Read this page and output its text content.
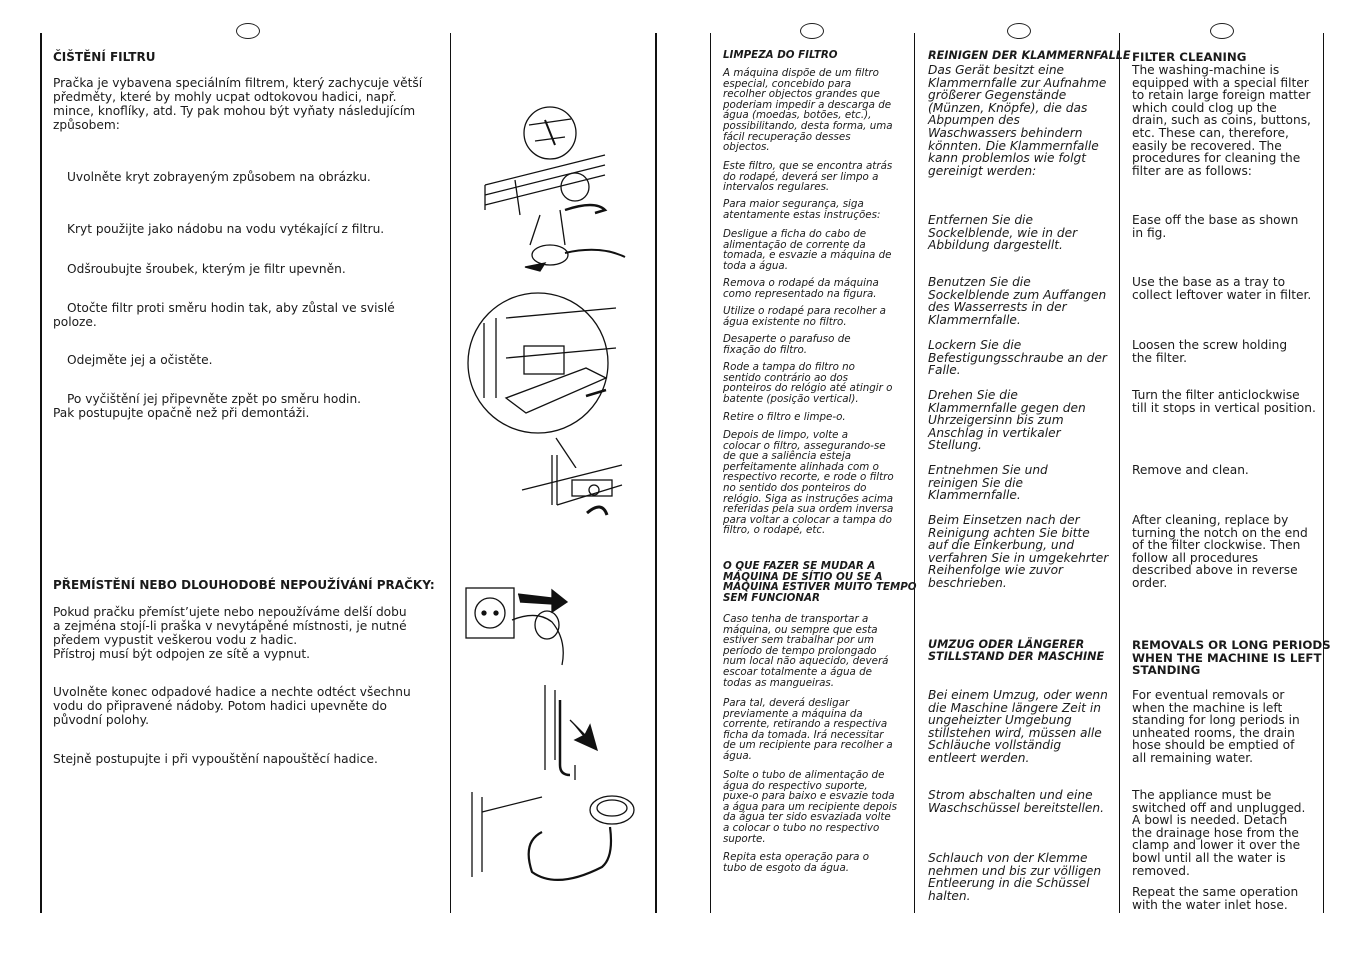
ČIŠTĚNÍ FILTRU

Pračka je vybavena speciálním filtrem, který zachycuje větší
předměty, které by mohly ucpat odtokovou hadici, např.
mince, knoflíky, atd. Ty pak mohou být vyňaty následujícím
způsobem:

Uvolněte kryt zobrayeným způsobem na obrázku.

Kryt použijte jako nádobu na vodu vytékající z filtru.

Odšroubujte šroubek, kterým je filtr upevněn.

Otočte filtr proti směru hodin tak, aby zůstal ve svislé
poloze.

Odejměte jej a očistěte.

Po vyčištění jej připevněte zpět po směru hodin.
Pak postupujte opačně než při demontáži.

PŘEMÍSTĚNÍ NEBO DLOUHODOBÉ NEPOUŽÍVÁNÍ PRAČKY:

Pokud pračku přemíst’ujete nebo nepoužíváme delší dobu
a zejména stojí-li praška v nevytápěné místnosti, je nutné
předem vypustit veškerou vodu z hadic.
Přístroj musí být odpojen ze sítě a vypnut.

Uvolněte konec odpadové hadice a nechte odtéct všechnu
vodu do připravené nádoby. Potom hadici upevněte do
původní polohy.

Stejně postupujte i při vypouštění napouštěcí hadice.

LIMPEZA DO FILTRO

A máquina dispõe de um filtro
especial, concebido para
recolher objectos grandes que
poderiam impedir a descarga de
água (moedas, botões, etc.),
possibilitando, desta forma, uma
fácil recuperação desses
objectos.

Este filtro, que se encontra atrás
do rodapé, deverá ser limpo a
intervalos regulares.

Para maior segurança, siga
atentamente estas instruções:

Desligue a ficha do cabo de
alimentação de corrente da
tomada, e esvazie a máquina de
toda a água.

Remova o rodapé da máquina
como representado na figura.

Utilize o rodapé para recolher a
água existente no filtro.

Desaperte o parafuso de
fixação do filtro.

Rode a tampa do filtro no
sentido contrário ao dos
ponteiros do relógio até atingir o
batente (posição vertical).

Retire o filtro e limpe-o.

Depois de limpo, volte a
colocar o filtro, assegurando-se
de que a saliência esteja
perfeitamente alinhada com o
respectivo recorte, e rode o filtro
no sentido dos ponteiros do
relógio. Siga as instruções acima
referidas pela sua ordem inversa
para voltar a colocar a tampa do
filtro, o rodapé, etc.

O QUE FAZER SE MUDAR A
MÁQUINA DE SÍTIO OU SE A
MÁQUINA ESTIVER MUITO TEMPO
SEM FUNCIONAR

Caso tenha de transportar a
máquina, ou sempre que esta
estiver sem trabalhar por um
período de tempo prolongado
num local não aquecido, deverá
escoar totalmente a água de
todas as mangueiras.

Para tal, deverá desligar
previamente a máquina da
corrente, retirando a respectiva
ficha da tomada. Irá necessitar
de um recipiente para recolher a
água.

Solte o tubo de alimentação de
água do respectivo suporte,
puxe-o para baixo e esvazie toda
a água para um recipiente depois
da água ter sido esvaziada volte
a colocar o tubo no respectivo
suporte.

Repita esta operação para o
tubo de esgoto da água.

REINIGEN DER KLAMMERNFALLE

Das Gerät besitzt eine
Klammernfalle zur Aufnahme
größerer Gegenstände
(Münzen, Knöpfe), die das
Abpumpen des
Waschwassers behindern
könnten. Die Klammernfalle
kann problemlos wie folgt
gereinigt werden:

Entfernen Sie die
Sockelblende, wie in der
Abbildung dargestellt.

Benutzen Sie die
Sockelblende zum Auffangen
des Wasserrests in der
Klammernfalle.

Lockern Sie die
Befestigungsschraube an der
Falle.

Drehen Sie die
Klammernfalle gegen den
Uhrzeigersinn bis zum
Anschlag in vertikaler
Stellung.

Entnehmen Sie und
reinigen Sie die
Klammernfalle.

Beim Einsetzen nach der
Reinigung achten Sie bitte
auf die Einkerbung, und
verfahren Sie in umgekehrter
Reihenfolge wie zuvor
beschrieben.

UMZUG ODER LÄNGERER
STILLSTAND DER MASCHINE

Bei einem Umzug, oder wenn
die Maschine längere Zeit in
ungeheizter Umgebung
stillstehen wird, müssen alle
Schläuche vollständig
entleert werden.

Strom abschalten und eine
Waschschüssel bereitstellen.

Schlauch von der Klemme
nehmen und bis zur völligen
Entleerung in die Schüssel
halten.

FILTER CLEANING

The washing-machine is
equipped with a special filter
to retain large foreign matter
which could clog up the
drain, such as coins, buttons,
etc. These can, therefore,
easily be recovered. The
procedures for cleaning the
filter are as follows:

Ease off the base as shown
in fig.

Use the base as a tray to
collect leftover water in filter.

Loosen the screw holding
the filter.

Turn the filter anticlockwise
till it stops in vertical position.

Remove and clean.

After cleaning, replace by
turning the notch on the end
of the filter clockwise. Then
follow all procedures
described above in reverse
order.

REMOVALS OR LONG PERIODS
WHEN THE MACHINE IS LEFT
STANDING

For eventual removals or
when the machine is left
standing for long periods in
unheated rooms, the drain
hose should be emptied of
all remaining water.

The appliance must be
switched off and unplugged.
A bowl is needed. Detach
the drainage hose from the
clamp and lower it over the
bowl until all the water is
removed.

Repeat the same operation
with the water inlet hose.
